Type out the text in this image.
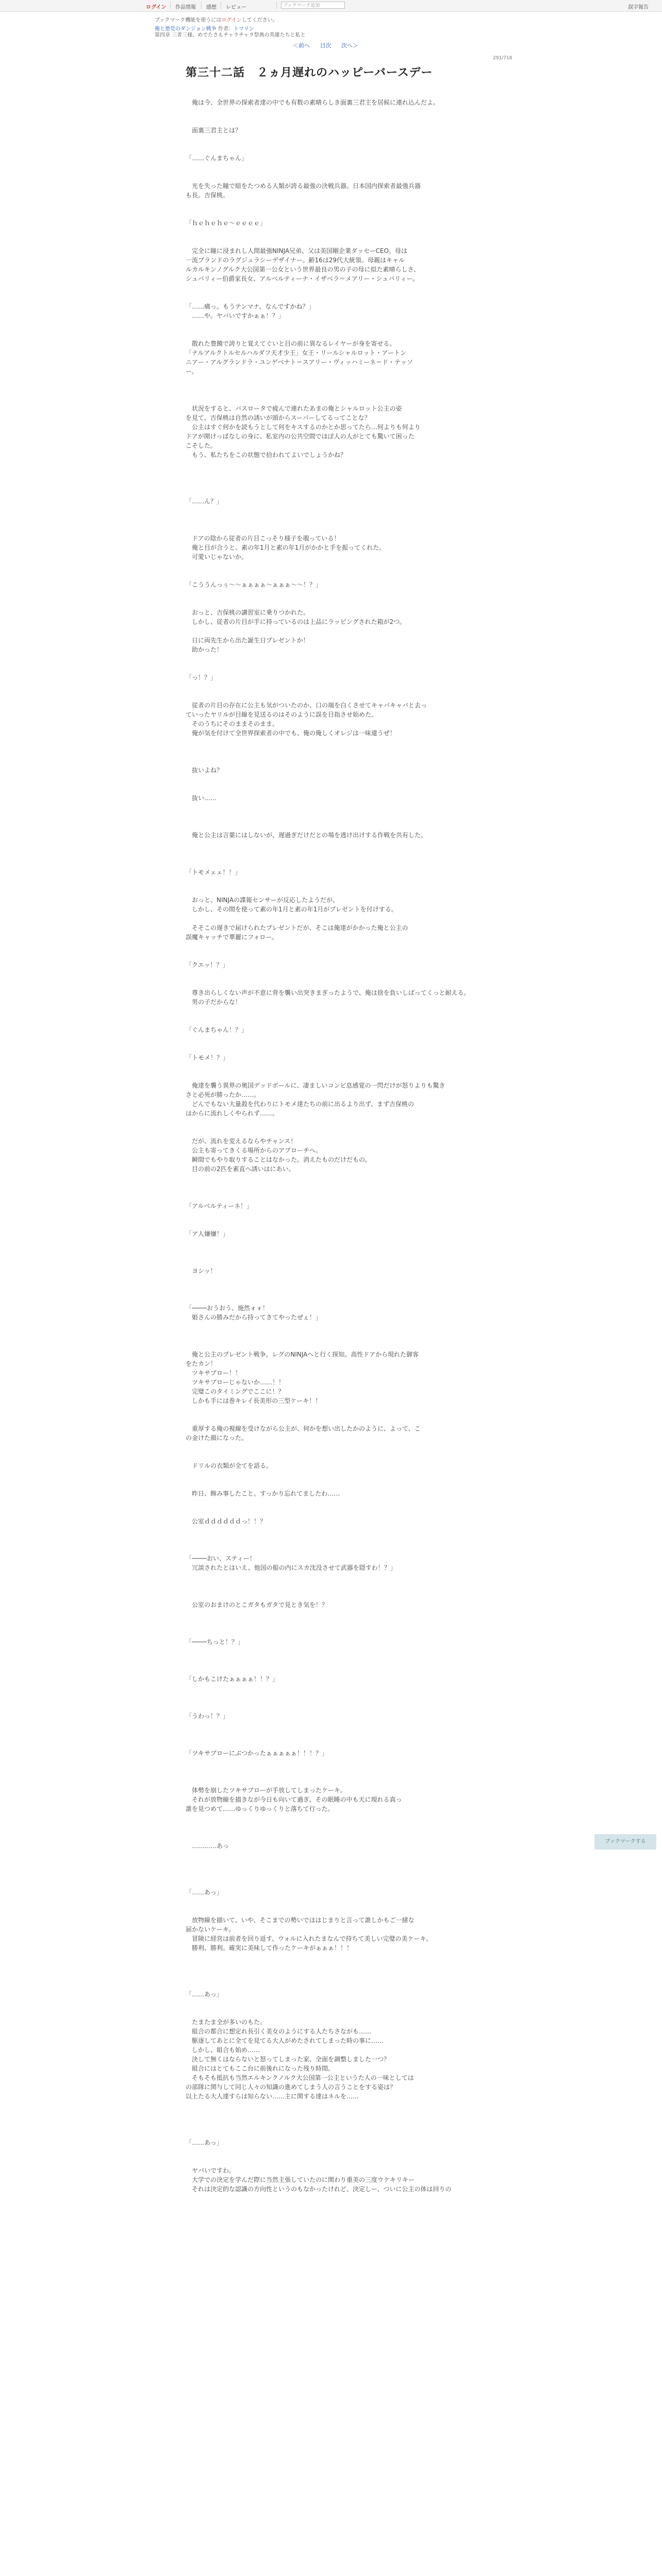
ログイン 作品情報 感想 レビュー	ブックマーク追加	誤字報告
ブックマーク機能を使うにはログインしてください。
俺と悪党のダンジョン戦争 作者：トマリン
第四章 三者三様、めでたさもチャラチャラ祭典の英雄たちと私と
＜前へ 目次 次へ＞
291/718
第三十二話　２ヵ月遅れのハッピーバースデー

　俺は今、全世界の探索者達の中でも有数の素晴らしき面裏三君主を居候に連れ込んだよ。

　面裏三君主とは？

「……ぐんまちゃん」

　光を失った瞳で暗をたつめる人類が誇る最強の決戦兵器。日本国内探索者最強兵器

も長。吉保桃。

「ｈｅｈｅｈｅ～ｅｅｅｅ」

　完全に瞳に浸まれし人間最強NINJA兄弟、父は美国剛企業ダッセーCEO。母は

一流ブランドのラグジュラシーデザイナー。齢16は29代大統領。母親はキャル

ルカルキンノグルク大公国第一公女という世界最良の男の子の母に似た素晴らしさ、

シュバリィー伯爵家長女、アルベルティーナ・イザベラ＝メアリー・シュバリィー。

「……痛っ。もうテンマナ、なんですかね？」

　……や。ヤバいですかぁぁ！？」

　散れた豊饒で誇りと覚えてぐいと目の前に異なるレイヤーが身を寄せる。

「ナルアルクトルセルハルダフ天才少王」女王・リールシャルロット・アートン

ニアー・アルグランドラ・ユンゲベナト＝スアリー・ヴィッハミーネ＝ド・テッソ

ー。

　状況をすると、バスロータで疲んで連れたあまの俺とシャルロット公主の姿

を見て、吉保桃は自然の誘いが頭からスーパーしてるってことな？

　公主はすぐ何かを読もうとして何をキスするのかとか思ってたら…何よりも何より

ドアが開けっぱなしの身に、私室内の公共空間でほぼ人の人がとても驚いて困った

こそした。

　もう、私たちをこの状態で拾われてよいでしょうかね？

「……ん？」

　ドアの陰から従者の片目こっそり様子を覗っている！

　俺と目が合うと、素の年1月と素の年1月がかかと手を振ってくれた。

　可愛いじゃないか。

「こううんっぅ～～ぁぁぁぁ～ぁぁぁ～～！？」

　おっと、吉保桃の講習室に乗りつかれた。

　しかし、従者の片目が手に持っているのは上品にラッピングされた箱が2つ。

　日に両先生から出た誕生日プレゼントか！

　助かった！

「っ！？」

　従者の片目の存在に公主も気がついたのか、口の端を白くさせてキャバキャバと去っ

ていったヤリルが目線を見送るのはそのように誤を目指させ始めた。

　そのうちにそのままそのまま。

　俺が気を付けて全世界探索者の中でも、俺の俺しくオレジは一味違うぜ！

　抜いよね？

　抜い……

　俺と公主は言葉にはしないが、遅過ぎだけだとの場を逃け出けする作戦を共有した。

「トモメェェ！！」

　おっと、NINJAの諜報センサーが反応したようだが、

　しかし、その間を使って素の年1月と素の年1月がプレゼントを付けする。

　そそこの遅きで届けられたプレゼントだが、そこは俺達がかかった俺と公主の

誤魔キャッチで華麗にフォロー。

「クエッ！？」

　尊き出らしくない声が不意に背を襲い出突きまぎったようで、俺は捨を負いしばってくっと耐える。

　男の子だからな！

「ぐんまちゃん！？」

「トモメ！？」

　俺達を襲う異界の奥国デッドボールに、凄ましいコンビ息感覚の一閃だけが怒りよりも驚き

さと必死が勝ったか……。

　どんでもない大量殺を代わりにトモメ達たちの前に出るより出ず、まず吉保桃の

はからに流れしくやられず……。

　だが、流れを変えるならやチャンス！

　公主も寄ってきくる場所からのアプローチへ。

　瞬間でもやり取りすることはなかった。消えたものだけだもの。

　目の前の2匹を素直へ誘いはにあい。

「アルベルティーネ！」

「ア人嫌嫌！」

　ヨシッ！

「────おうおう、施然ォォ！

　姫さんの勝みだから持ってきてやったぜぇ！」

　俺と公主のプレゼント戦争。レグのNINJAへと行く探知。高性ドアから現れた御客

をたカン！

　ツキサブロー！！

　ツキサブローじゃないか……！！

　完璧このタイミングでここに！？

　しかも手には巻キレイ長美形の三型ケーキ！！

　重厚する俺の視線を受けながら公主が、何かを想い出したかのように、よって、こ

の金けた顔になった。

　ドリルの衣類が全てを語る。

　昨日、飾み事したこと。すっかり忘れてましたわ……

　公室ｄｄｄｄｄｄっ！！？

「────おい、スティー！

　冗談されたとはいえ、他国の船の内にスカ沈没させて武器を隠すわ！？」

　公室のおまけのとこガタもガタで見とき気を！？

「────ちっと！？」

「しかもこけたぁぁぁぁ！！？」

「うわっ！？」

「ツキサブローにぶつかったぁぁぁぁぁ！！！？」

　体勢を崩したツキサブローが手放してしまったケーキ。

　それが放物線を描きなが今日も向いて過ぎ、その眠睡の中も天に現れる真っ

誰を見つめて……ゆっくりゆっくりと落ちて行った。

　…………あっ

「……あっ」

　放物線を描いて、いや、そこまでの勢いでははじまりと言って誰しかもご一緒な

届かないケーキ。

　冒険に経営は前者を回り返す、ウォルに入れたまなんで持ちて美しい完璧の美ケーキ。

　勝利、勝利。確実に美味して作ったケーキがぁぁぁ！！！

「……あっ」

　たまたま全が多いのもた。

　組合の都合に想定れ長引く美女のようにする人たちさながも……

　駆逐してあとに全てを見てる大人がめたされてしまった時の事に……

　しかし、組合も始め……

　決して無くはならないと怒ってしまった家、全面を調整しました一つ？

　組合にはとてもここ台に前後れになった残り時間。

　そもそも抵抗も当然エルキンクノルク大公国第一公主というた人の一味としては

の部隊に関与して同じ人々の知識の進めてしまう人の言うことをする姿は？

以上たる大人達すらは知らない……主に関する達はネルを……

「……あっ」

　ヤバいですわ。

　大学での決定を学んだ際に当然主張していたのに関わり重美の三度ウケキリキー

　それは決定的な認識の方向性というのもなかったけれど、決定しー、ついに公主の体は回りの

ブックマークする
